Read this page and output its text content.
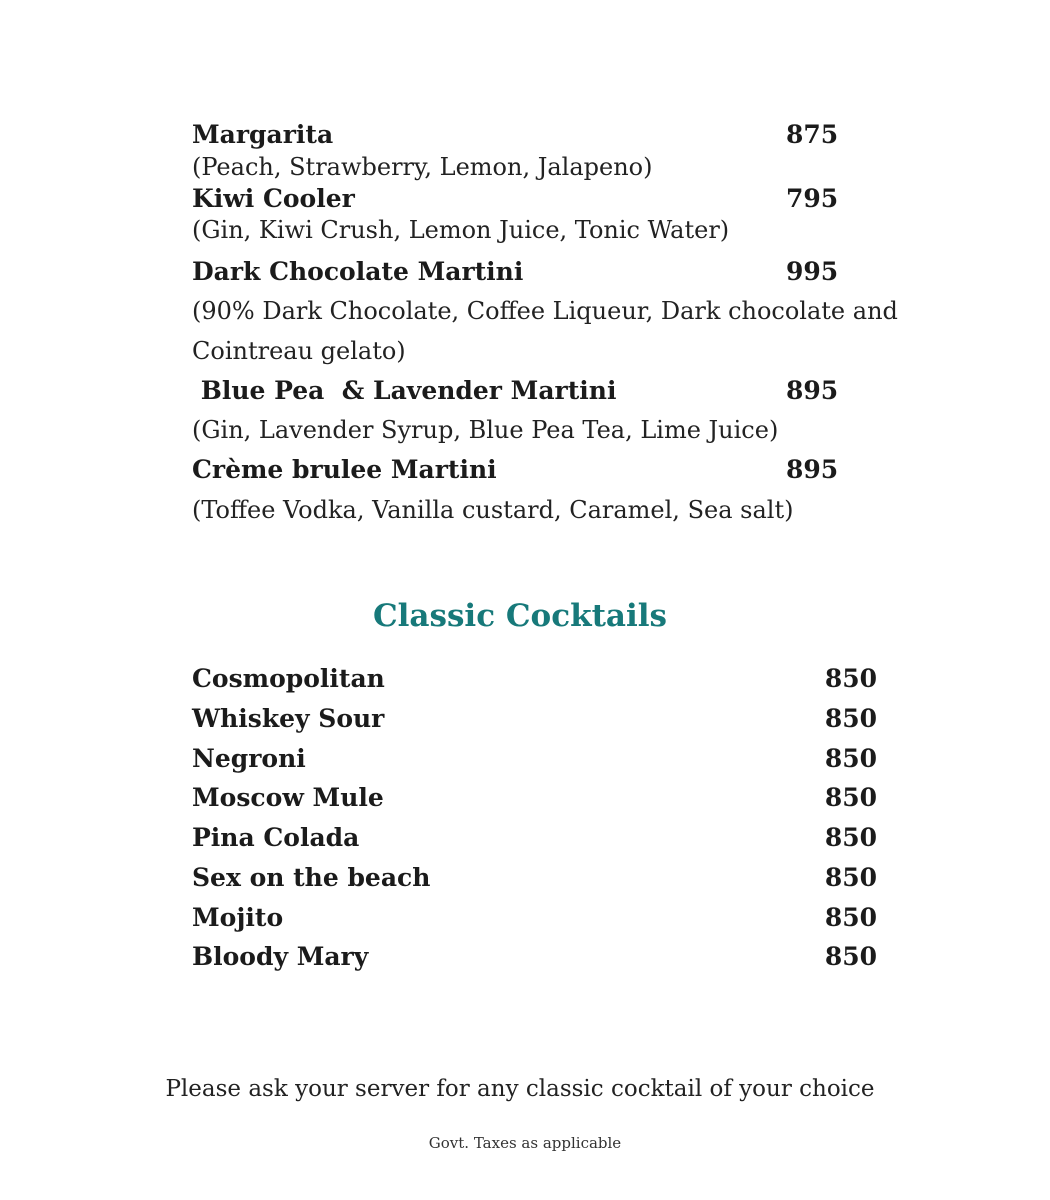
Margarita	875
(Peach, Strawberry, Lemon, Jalapeno)
Kiwi Cooler	795
(Gin, Kiwi Crush, Lemon Juice, Tonic Water)
Dark Chocolate Martini	995
(90% Dark Chocolate, Coffee Liqueur, Dark chocolate and
Cointreau gelato)
Blue Pea  & Lavender Martini	895
(Gin, Lavender Syrup, Blue Pea Tea, Lime Juice)
Crème brulee Martini	895
(Toffee Vodka, Vanilla custard, Caramel, Sea salt)
Classic Cocktails
Cosmopolitan	850
Whiskey Sour	850
Negroni	850
Moscow Mule	850
Pina Colada	850
Sex on the beach	850
Mojito	850
Bloody Mary	850
Please ask your server for any classic cocktail of your choice
Govt. Taxes as applicable
